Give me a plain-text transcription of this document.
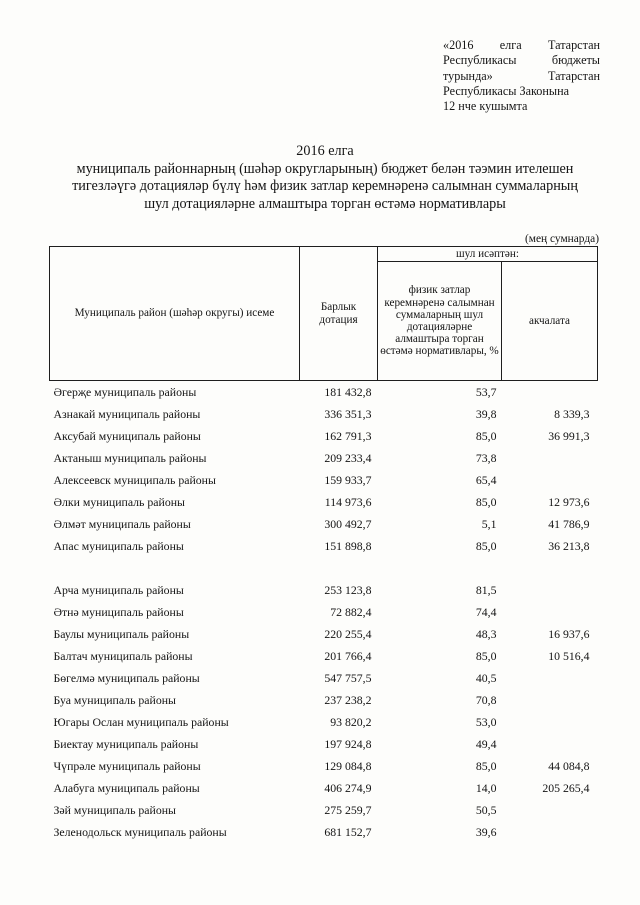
«2016 елга Татарстан
Республикасы	бюджеты
турында»	Татарстан
Республикасы Законына
12 нче кушымта
2016 елга
муниципаль районнарның (шәһәр округларының) бюджет белән тәэмин ителешен
тигезләүгә дотацияләр бүлү һәм физик затлар керемнәренә салымнан суммаларның
шул дотацияләрне алмаштыра торган өстәмә нормативлары
(мең сумнарда)
Муниципаль район (шәһәр округы) исеме	Барлык дотация	шул исәптән:	
		физик затлар керемнәренә салымнан суммаларның шул дотацияләрне алмаштыра торган өстәмә нормативлары, %	акчалата
Әгерҗе муниципаль районы	181 432,8	53,7	
Азнакай муниципаль районы	336 351,3	39,8	8 339,3
Аксубай муниципаль районы	162 791,3	85,0	36 991,3
Актаныш муниципаль районы	209 233,4	73,8	
Алексеевск муниципаль районы	159 933,7	65,4	
Әлки муниципаль районы	114 973,6	85,0	12 973,6
Әлмәт муниципаль районы	300 492,7	5,1	41 786,9
Апас муниципаль районы	151 898,8	85,0	36 213,8

Арча муниципаль районы	253 123,8	81,5	
Әтнә муниципаль районы	72 882,4	74,4	
Баулы муниципаль районы	220 255,4	48,3	16 937,6
Балтач муниципаль районы	201 766,4	85,0	10 516,4
Бөгелмә муниципаль районы	547 757,5	40,5	
Буа муниципаль районы	237 238,2	70,8	
Югары Ослан муниципаль районы	93 820,2	53,0	
Биектау муниципаль районы	197 924,8	49,4	
Чүпрәле муниципаль районы	129 084,8	85,0	44 084,8
Алабуга муниципаль районы	406 274,9	14,0	205 265,4
Зәй муниципаль районы	275 259,7	50,5	
Зеленодольск муниципаль районы	681 152,7	39,6	
